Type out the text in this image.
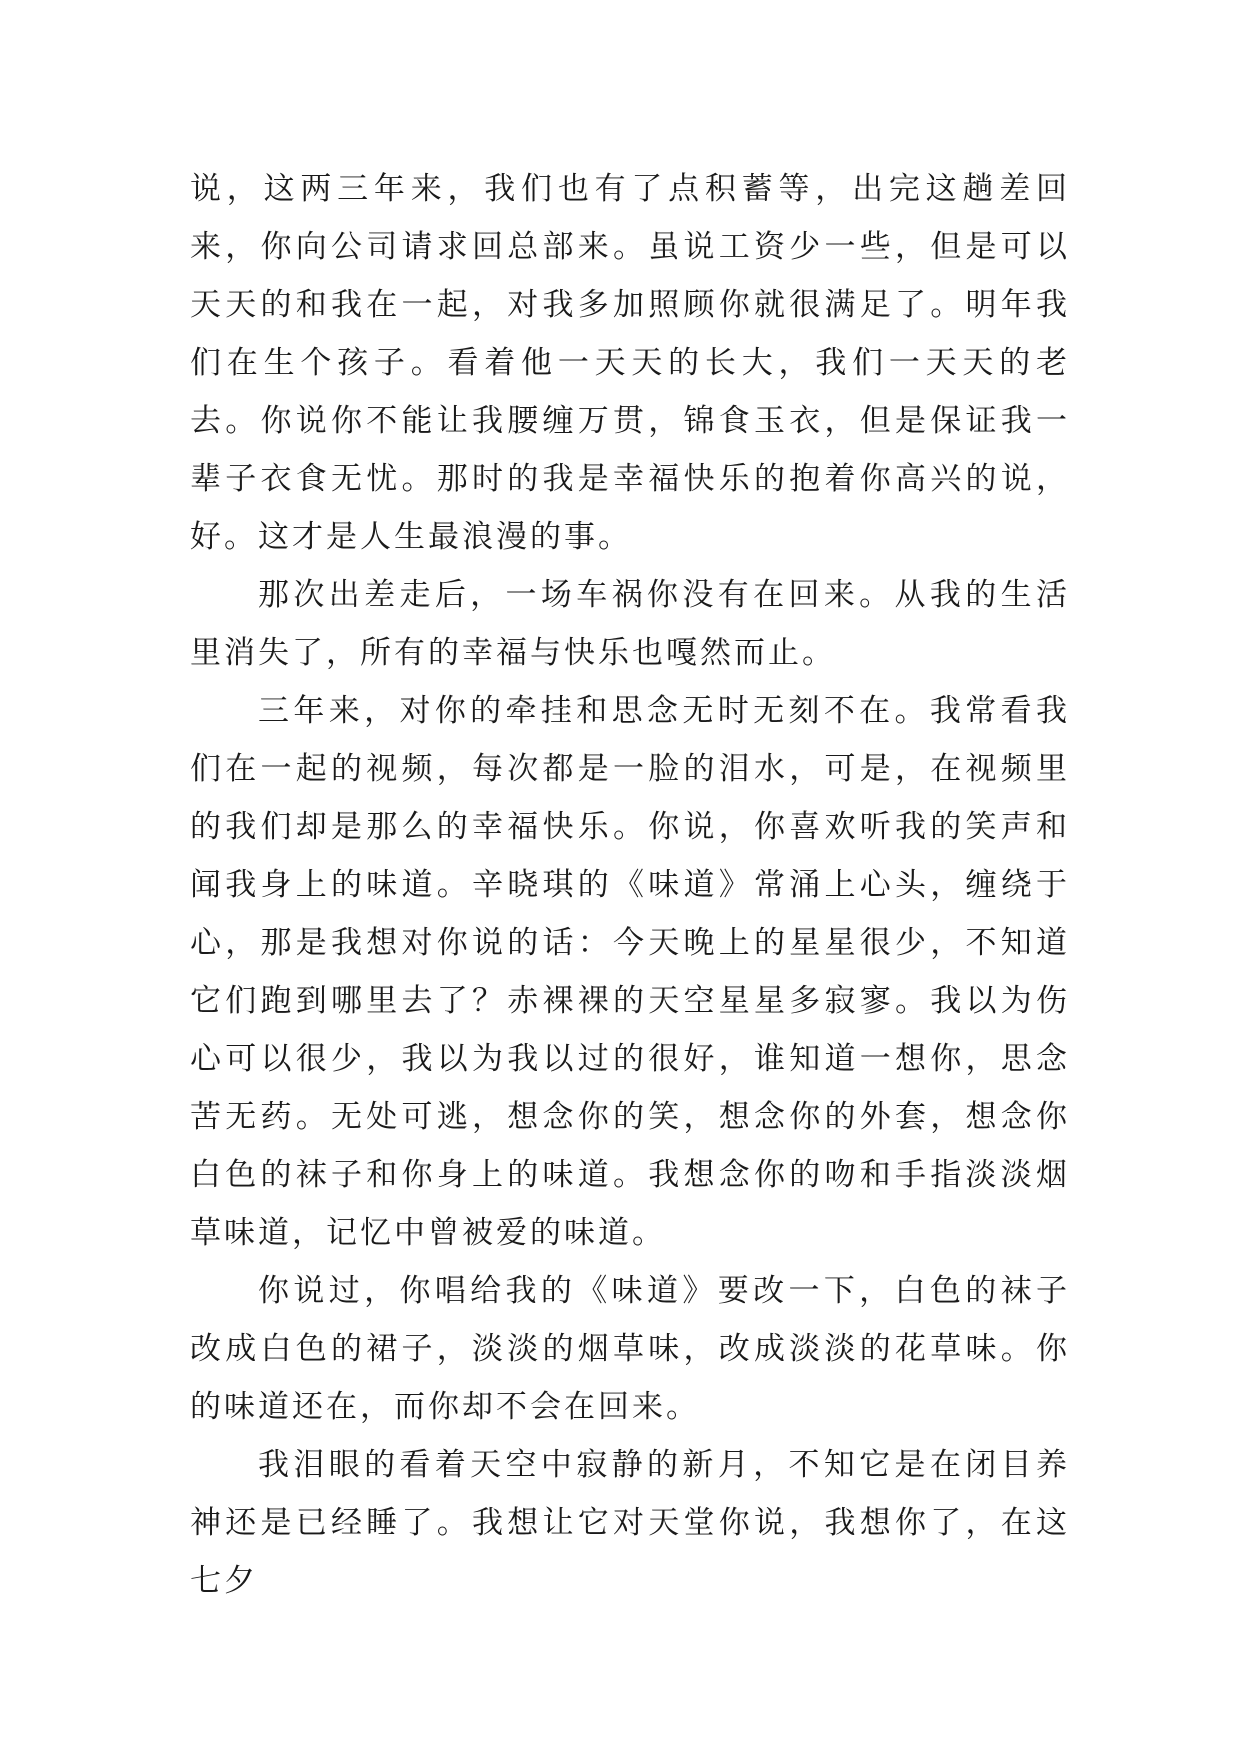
说，这两三年来，我们也有了点积蓄等，出完这趟差回来，你向公司请求回总部来。虽说工资少一些，但是可以天天的和我在一起，对我多加照顾你就很满足了。明年我们在生个孩子。看着他一天天的长大，我们一天天的老去。你说你不能让我腰缠万贯，锦食玉衣，但是保证我一辈子衣食无忧。那时的我是幸福快乐的抱着你高兴的说，好。这才是人生最浪漫的事。

那次出差走后，一场车祸你没有在回来。从我的生活里消失了，所有的幸福与快乐也嘎然而止。

三年来，对你的牵挂和思念无时无刻不在。我常看我们在一起的视频，每次都是一脸的泪水，可是，在视频里的我们却是那么的幸福快乐。你说，你喜欢听我的笑声和闻我身上的味道。辛晓琪的《味道》常涌上心头，缠绕于心，那是我想对你说的话：今天晚上的星星很少，不知道它们跑到哪里去了？赤裸裸的天空星星多寂寥。我以为伤心可以很少，我以为我以过的很好，谁知道一想你，思念苦无药。无处可逃，想念你的笑，想念你的外套，想念你白色的袜子和你身上的味道。我想念你的吻和手指淡淡烟草味道，记忆中曾被爱的味道。

你说过，你唱给我的《味道》要改一下，白色的袜子改成白色的裙子，淡淡的烟草味，改成淡淡的花草味。你的味道还在，而你却不会在回来。

我泪眼的看着天空中寂静的新月，不知它是在闭目养神还是已经睡了。我想让它对天堂你说，我想你了，在这七夕
